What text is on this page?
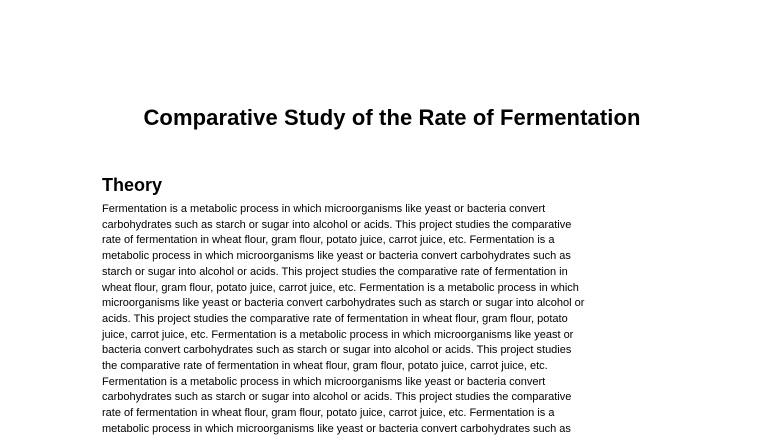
Comparative Study of the Rate of Fermentation
Theory
Fermentation is a metabolic process in which microorganisms like yeast or bacteria convert
carbohydrates such as starch or sugar into alcohol or acids. This project studies the comparative
rate of fermentation in wheat flour, gram flour, potato juice, carrot juice, etc. Fermentation is a
metabolic process in which microorganisms like yeast or bacteria convert carbohydrates such as
starch or sugar into alcohol or acids. This project studies the comparative rate of fermentation in
wheat flour, gram flour, potato juice, carrot juice, etc. Fermentation is a metabolic process in which
microorganisms like yeast or bacteria convert carbohydrates such as starch or sugar into alcohol or
acids. This project studies the comparative rate of fermentation in wheat flour, gram flour, potato
juice, carrot juice, etc. Fermentation is a metabolic process in which microorganisms like yeast or
bacteria convert carbohydrates such as starch or sugar into alcohol or acids. This project studies
the comparative rate of fermentation in wheat flour, gram flour, potato juice, carrot juice, etc.
Fermentation is a metabolic process in which microorganisms like yeast or bacteria convert
carbohydrates such as starch or sugar into alcohol or acids. This project studies the comparative
rate of fermentation in wheat flour, gram flour, potato juice, carrot juice, etc. Fermentation is a
metabolic process in which microorganisms like yeast or bacteria convert carbohydrates such as
